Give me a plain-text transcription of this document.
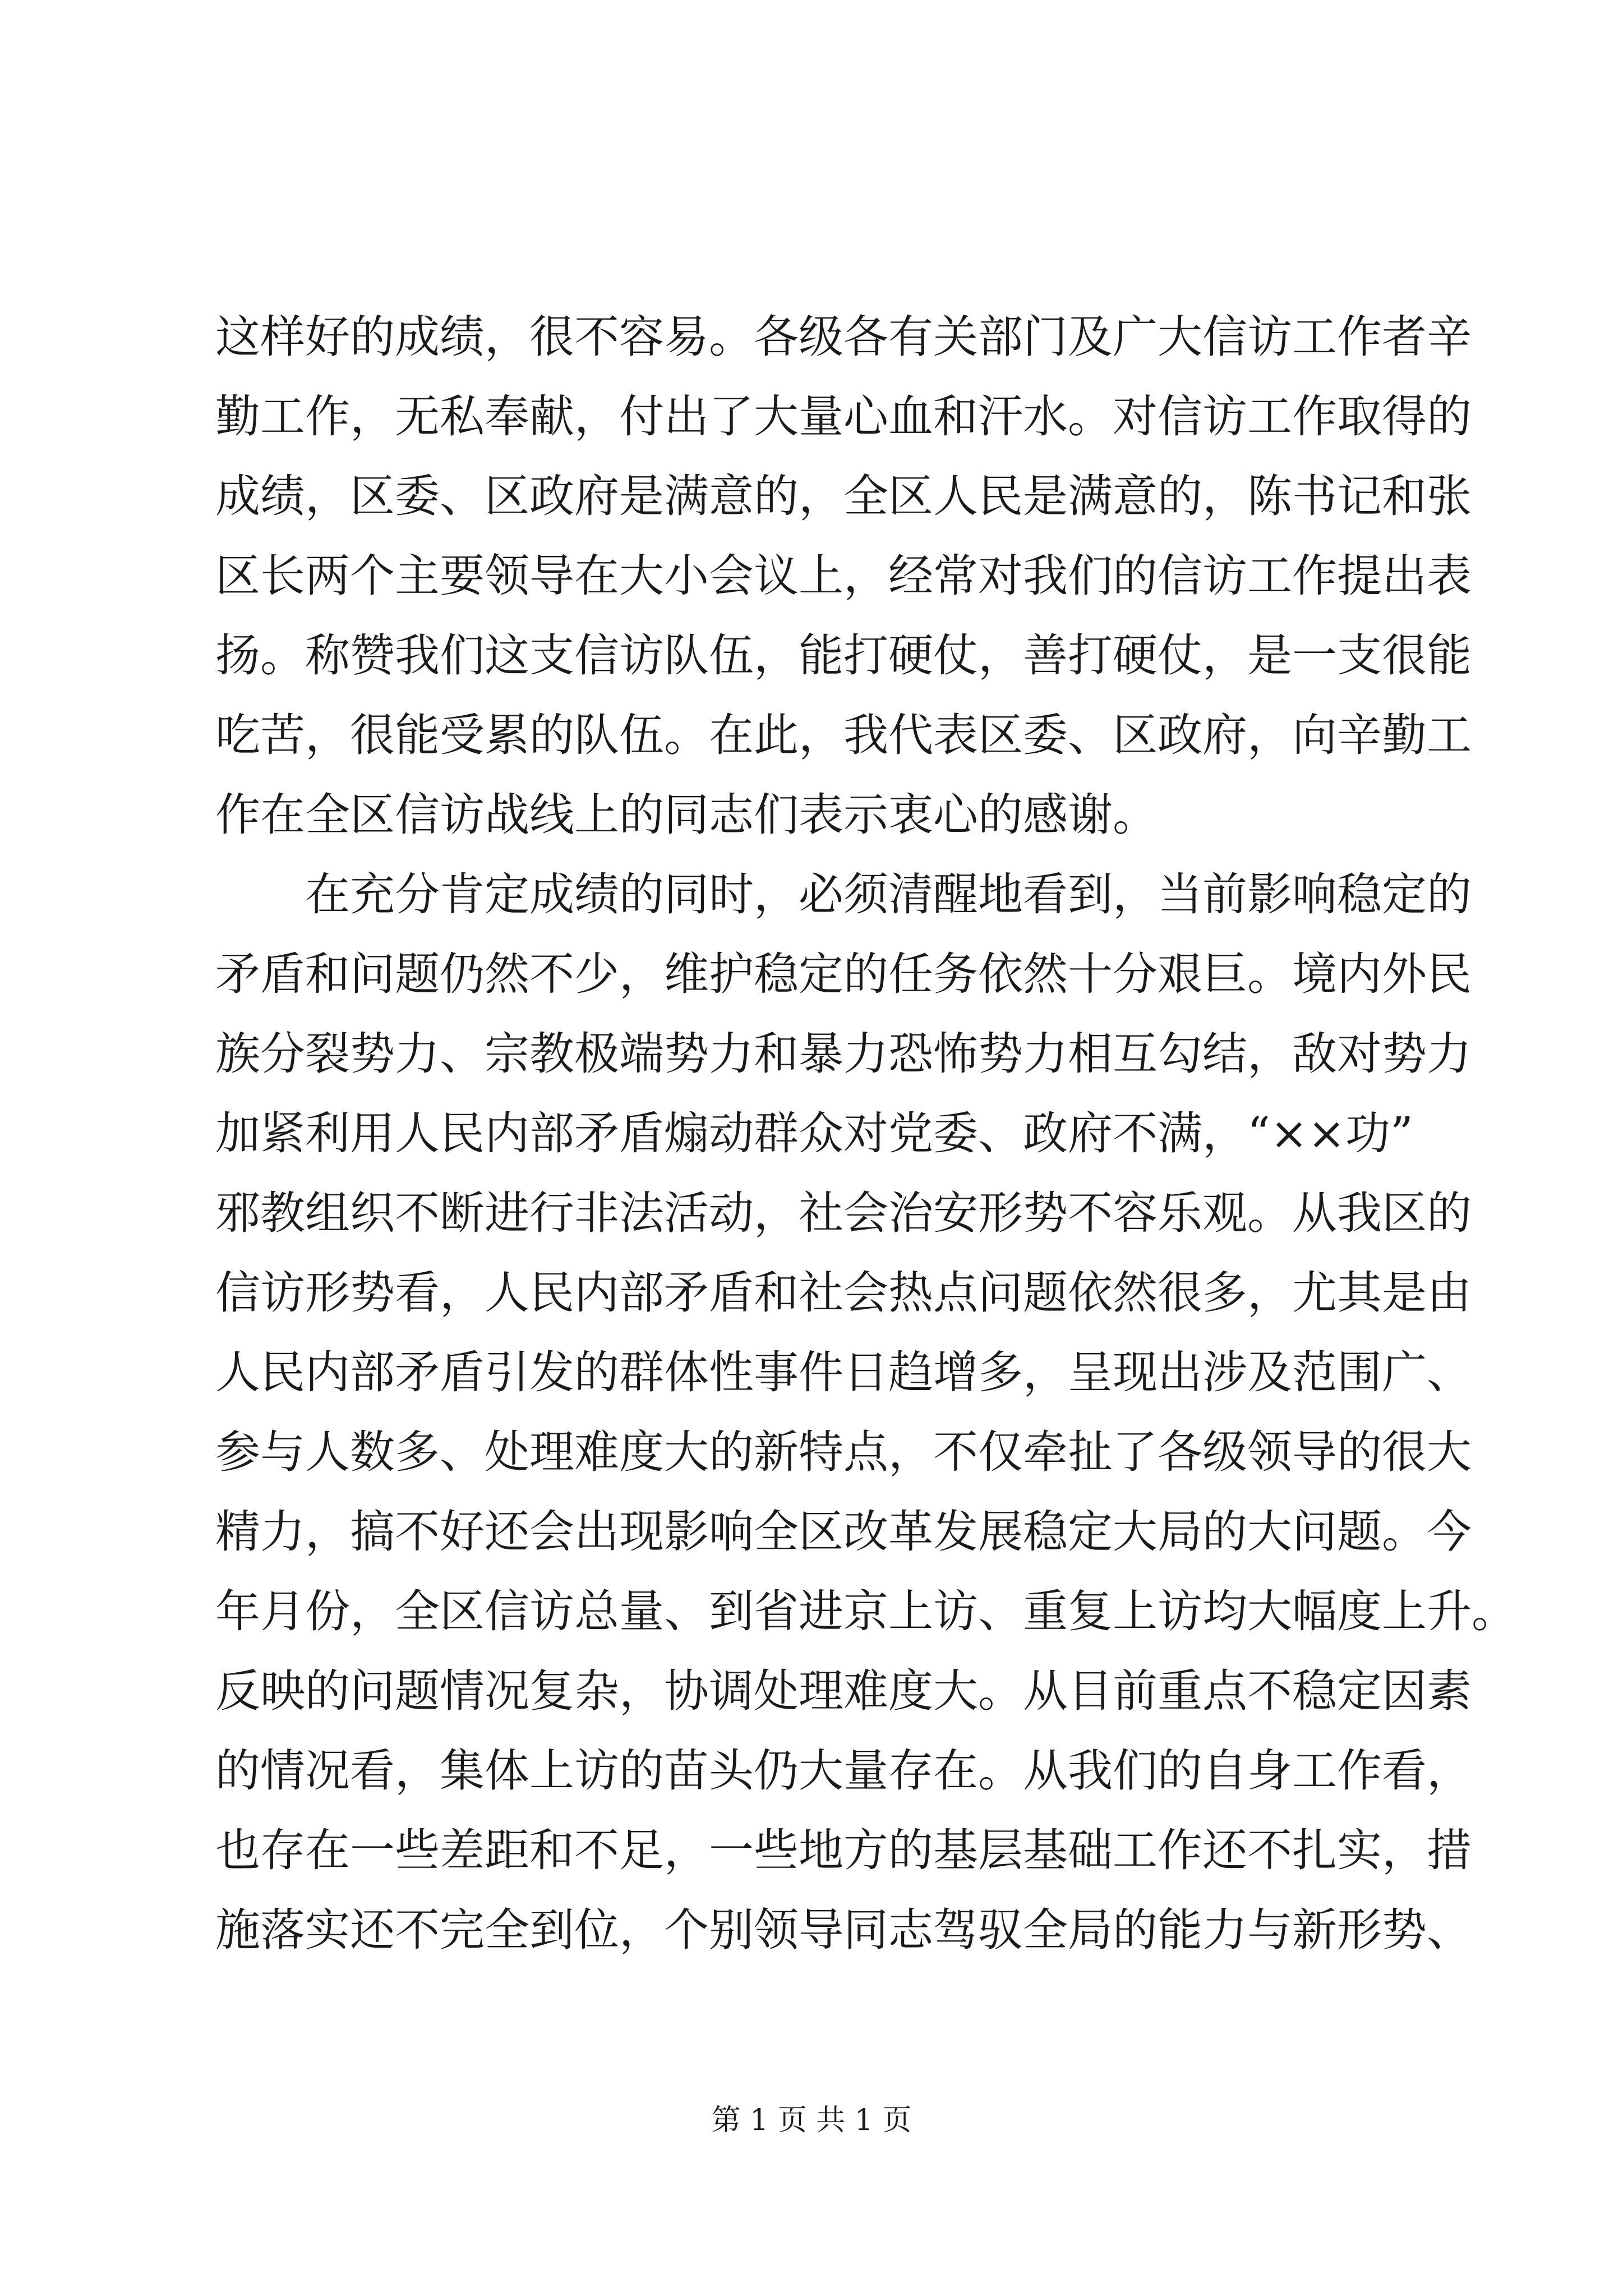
这样好的成绩，很不容易。各级各有关部门及广大信访工作者辛
勤工作，无私奉献，付出了大量心血和汗水。对信访工作取得的
成绩，区委、区政府是满意的，全区人民是满意的，陈书记和张
区长两个主要领导在大小会议上，经常对我们的信访工作提出表
扬。称赞我们这支信访队伍，能打硬仗，善打硬仗，是一支很能
吃苦，很能受累的队伍。在此，我代表区委、区政府，向辛勤工
作在全区信访战线上的同志们表示衷心的感谢。
在充分肯定成绩的同时，必须清醒地看到，当前影响稳定的
矛盾和问题仍然不少，维护稳定的任务依然十分艰巨。境内外民
族分裂势力、宗教极端势力和暴力恐怖势力相互勾结，敌对势力
加紧利用人民内部矛盾煽动群众对党委、政府不满，“××功”
邪教组织不断进行非法活动，社会治安形势不容乐观。从我区的
信访形势看，人民内部矛盾和社会热点问题依然很多，尤其是由
人民内部矛盾引发的群体性事件日趋增多，呈现出涉及范围广、
参与人数多、处理难度大的新特点，不仅牵扯了各级领导的很大
精力，搞不好还会出现影响全区改革发展稳定大局的大问题。今
年月份，全区信访总量、到省进京上访、重复上访均大幅度上升。
反映的问题情况复杂，协调处理难度大。从目前重点不稳定因素
的情况看，集体上访的苗头仍大量存在。从我们的自身工作看，
也存在一些差距和不足，一些地方的基层基础工作还不扎实，措
施落实还不完全到位，个别领导同志驾驭全局的能力与新形势、
第 1 页 共 1 页
